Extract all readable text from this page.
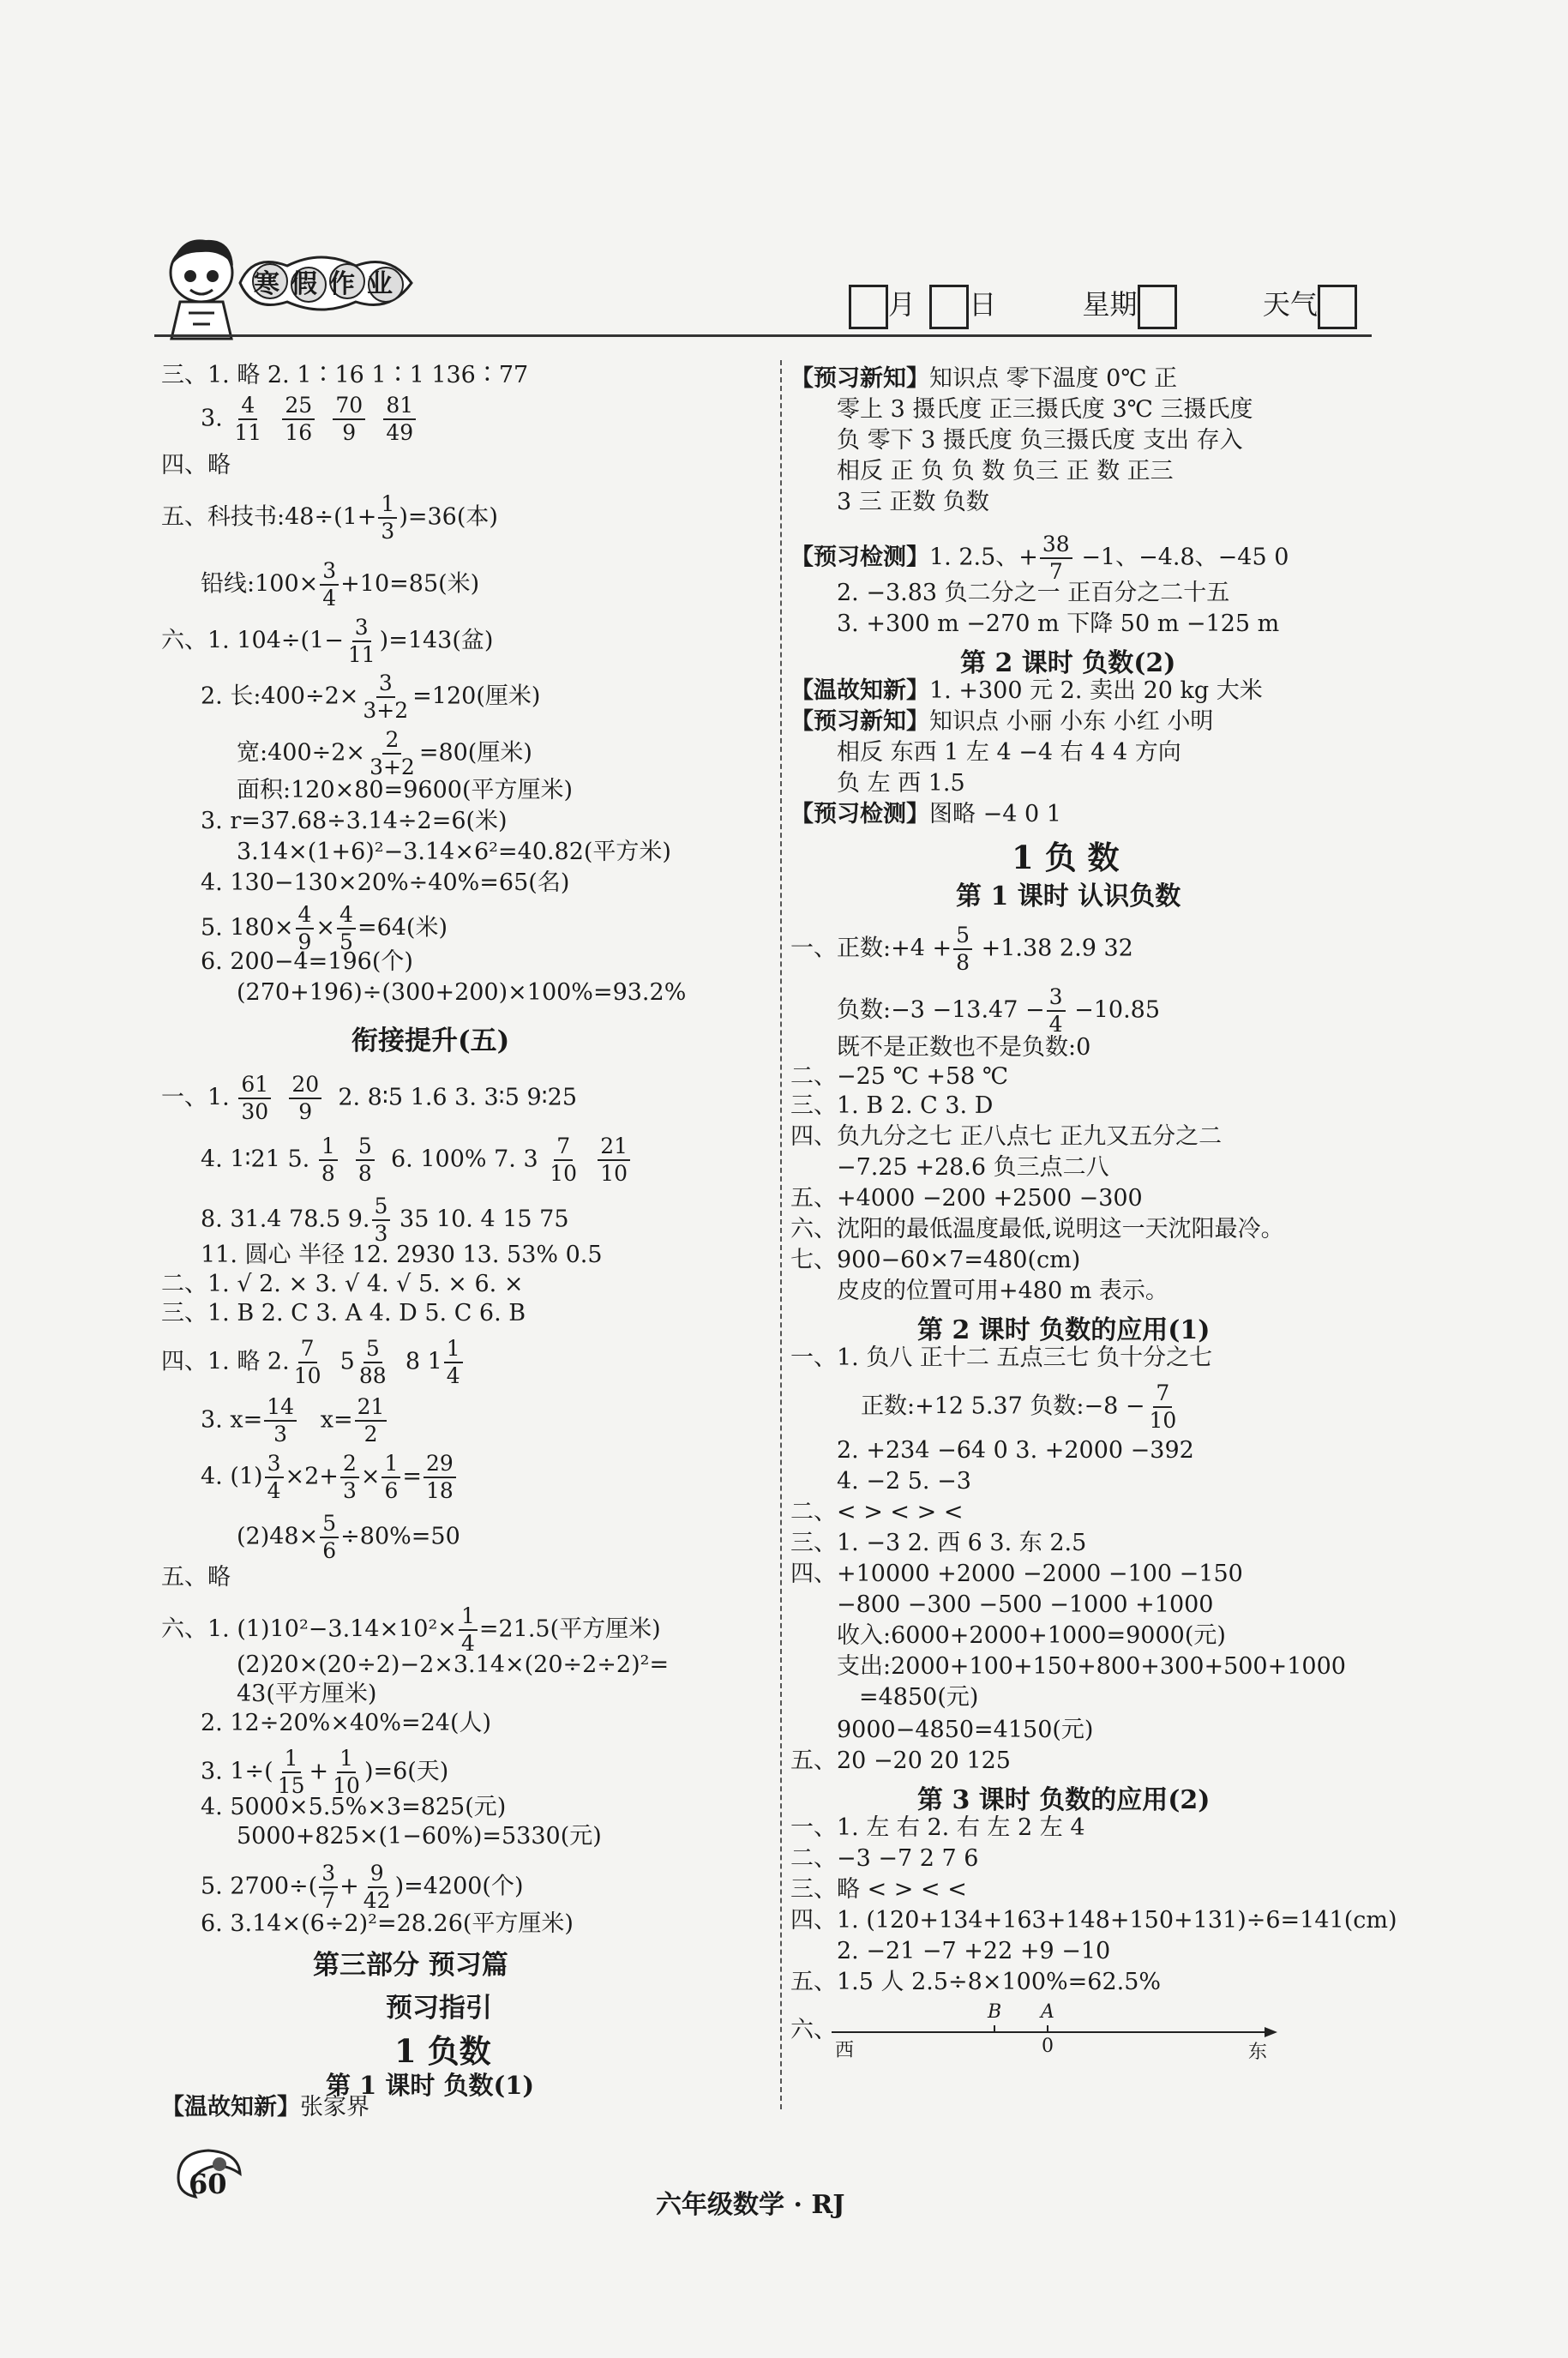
寒假作业
月 日	星期	天气
三、1. 略 2. 1∶16 1∶1 136∶77
3. $\frac{4}{11}$
$\frac{25}{16}$
$\frac{70}{9}$
$\frac{81}{49}$
四、略
五、科技书:48÷(1+ $\frac{1}{3} )=36$(本)
铅线:100× $\frac{3}{4} +10=85$(米)
六、1. $104\div(1- \frac{3}{11} )=143$(盆)
2. 长:400÷2× $\frac{3}{3+2} =120$(厘米)
宽:400÷2× $\frac{2}{3+2} =80$(厘米)
面积:120×80=9600(平方厘米)
3. r=37.68÷3.14÷2=6(米)
3.14×(1+6)²−3.14×6²=40.82(平方米)
4. 130−130×20%÷40%=65(名)
5. $180\times \frac{4}{9} \times \frac{4}{5} =64$(米)
6. 200−4=196(个)
(270+196)÷(300+200)×100%=93.2%
衔接提升(五)
一、1. $\frac{61}{30}$
$\frac{20}{9} 2$. 8∶5 1.6 3. 3∶5 9∶25
4. 1∶21 5. $\frac{1}{8}$
$\frac{5}{8} 6$. 100% 7. $3 \frac{7}{10}$
$\frac{21}{10}$
8. 31.4 78.5 9. $\frac{5}{3} 35$ 10. 4 15 75
11. 圆心 半径 12. 2930 13. 53% 0.5
二、1. √ 2. × 3. √ 4. √ 5. × 6. ×
三、1. B 2. C 3. A 4. D 5. C 6. B
四、1. 略 2. $\frac{7}{10} 5 \frac{5}{88} 8$ $1 \frac{1}{4}$
3. $x= \frac{14}{3} x= \frac{21}{2}$
4. $(1) \frac{3}{4} \times 2+ \frac{2}{3} \times \frac{1}{6} = \frac{29}{18}$
$(2)48\times \frac{5}{6} \div 80\%=50$
五、略
六、1. $(1)10^2-3.14\times 10^2\times \frac{1}{4} =21.5$(平方厘米)
(2)20×(20÷2)−2×3.14×(20÷2÷2)²=
43(平方厘米)
2. 12÷20%×40%=24(人)
3. $1\div( \frac{1}{15} + \frac{1}{10} )=6$(天)
4. 5000×5.5%×3=825(元)
5000+825×(1−60%)=5330(元)
5. $2700\div( \frac{3}{7} + \frac{9}{42} )=4200$(个)
6. 3.14×(6÷2)²=28.26(平方厘米)
第三部分 预习篇
预习指引
1 负数
第 1 课时 负数(1)
【温故知新】张家界
【预习新知】知识点 零下温度 0℃ 正
零上 3 摄氏度 正三摄氏度 3℃ 三摄氏度
负 零下 3 摄氏度 负三摄氏度 支出 存入
相反 正 负 负 数 负三 正 数 正三
3 三 正数 负数
【预习检测】1. 2.5、+ $\frac{38}{7} -1$、−4.8、−45 0
2. −3.83 负二分之一 正百分之二十五
3. +300 m −270 m 下降 50 m −125 m
第 2 课时 负数(2)
【温故知新】1. +300 元 2. 卖出 20 kg 大米
【预习新知】知识点 小丽 小东 小红 小明
相反 东西 1 左 4 −4 右 4 4 方向
负 左 西 1.5
【预习检测】图略 −4 0 1
1 负 数
第 1 课时 认识负数
一、正数:+4 + $\frac{5}{8} +1.38$ 2.9 32
负数:−3 $-13.47 - \frac{3}{4} -10.85$
既不是正数也不是负数:0
二、−25 ℃ +58 ℃
三、1. B 2. C 3. D
四、负九分之七 正八点七 正九又五分之二
−7.25 +28.6 负三点二八
五、+4000 −200 +2500 −300
六、沈阳的最低温度最低,说明这一天沈阳最冷。
七、900−60×7=480(cm)
皮皮的位置可用+480 m 表示。
第 2 课时 负数的应用(1)
一、1. 负八 正十二 五点三七 负十分之七
正数:+12 5.37 负数:−8 − $\frac{7}{10}$
2. +234 −64 0 3. +2000 −392
4. −2 5. −3
二、< > < > <
三、1. −3 2. 西 6 3. 东 2.5
四、+10000 +2000 −2000 −100 −150
−800 −300 −500 −1000 +1000
收入:6000+2000+1000=9000(元)
支出:2000+100+150+800+300+500+1000
=4850(元)
9000−4850=4150(元)
五、20 −20 20 125
第 3 课时 负数的应用(2)
一、1. 左 右 2. 右 左 2 左 4
二、−3 −7 2 7 6
三、略 < > < <
四、1. (120+134+163+148+150+131)÷6=141(cm)
2. −21 −7 +22 +9 −10
五、1.5 人 2.5÷8×100%=62.5%
六、
西	0	东
B A
60
六年级数学 · RJ
